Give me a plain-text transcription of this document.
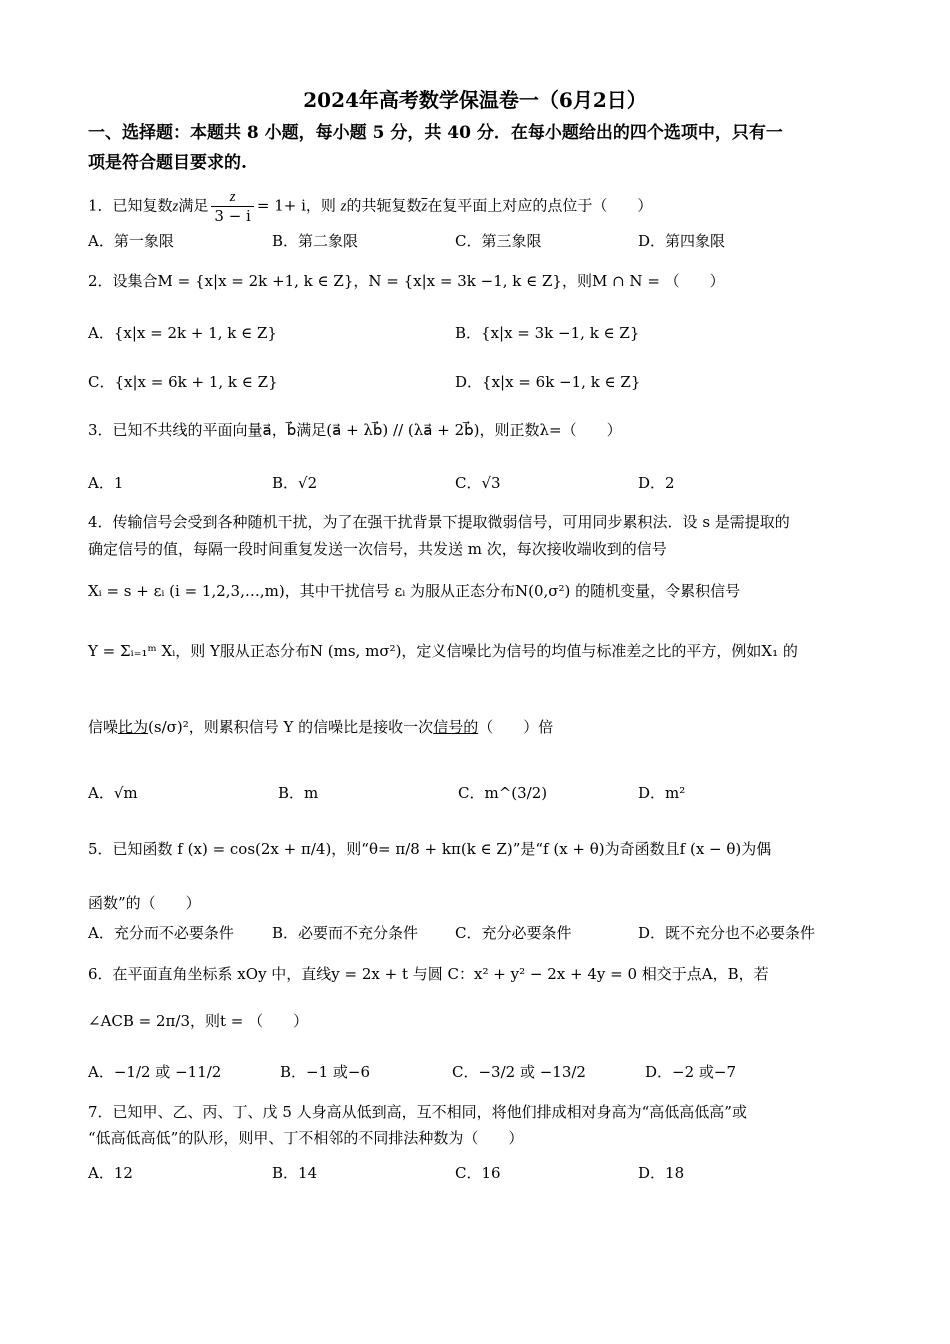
2024年高考数学保温卷一（6月2日）
一、选择题：本题共 8 小题，每小题 5 分，共 40 分．在每小题给出的四个选项中，只有一
项是符合题目要求的.
1．已知复数z满足 $\frac{z}{3 - i} = 1+ i$，则 z的共轭复数$\overline{z}$在复平面上对应的点位于（　　）
A．第一象限	B．第二象限	C．第三象限	D．第四象限
2．设集合M = {x|x = 2k +1, k ∈ Z}，N = {x|x = 3k −1, k ∈ Z}，则M ∩ N = （　　）
A．{x|x = 2k + 1, k ∈ Z}	B．{x|x = 3k −1, k ∈ Z}
C．{x|x = 6k + 1, k ∈ Z}	D．{x|x = 6k −1, k ∈ Z}
3．已知不共线的平面向量a⃗，b⃗满足(a⃗ + λb⃗) // (λa⃗ + 2b⃗)，则正数λ=（　　）
A．1	B．√2	C．√3	D．2
4．传输信号会受到各种随机干扰，为了在强干扰背景下提取微弱信号，可用同步累积法．设 s 是需提取的
确定信号的值，每隔一段时间重复发送一次信号，共发送 m 次，每次接收端收到的信号
Xᵢ = s + εᵢ (i = 1,2,3,…,m)，其中干扰信号 εᵢ 为服从正态分布N(0,σ²) 的随机变量，令累积信号
Y = Σᵢ₌₁ᵐ Xᵢ，则 Y服从正态分布N (ms, mσ²)，定义信噪比为信号的均值与标准差之比的平方，例如X₁ 的
信噪比为(s/σ)²，则累积信号 Y 的信噪比是接收一次信号的（　　）倍
A．√m	B．m	C．m^(3/2)	D．m²
5．已知函数 f (x) = cos(2x + π/4)，则“θ= π/8 + kπ(k ∈ Z)”是“f (x + θ)为奇函数且f (x − θ)为偶
函数”的（　　）
A．充分而不必要条件	B．必要而不充分条件 C．充分必要条件	D．既不充分也不必要条件
6．在平面直角坐标系 xOy 中，直线y = 2x + t 与圆 C：x² + y² − 2x + 4y = 0 相交于点A，B，若
∠ACB = 2π/3，则t = （　　）
A．−1/2 或 −11/2	B．−1 或−6	C．−3/2 或 −13/2	D．−2 或−7
7．已知甲、乙、丙、丁、戊 5 人身高从低到高，互不相同，将他们排成相对身高为“高低高低高”或
“低高低高低”的队形，则甲、丁不相邻的不同排法种数为（　　）
A．12	B．14	C．16	D．18
